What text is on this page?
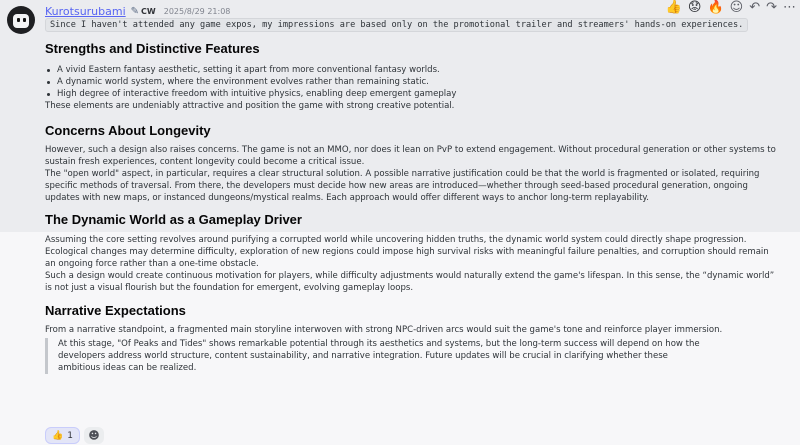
Kurotsurubami ✎ CW 2025/8/29 21:08	👍 😟 🔥 ☺ ↶ ↷ ⋯
Since I haven't attended any game expos, my impressions are based only on the promotional trailer and streamers' hands-on experiences.
Strengths and Distinctive Features
A vivid Eastern fantasy aesthetic, setting it apart from more conventional fantasy worlds.
A dynamic world system, where the environment evolves rather than remaining static.
High degree of interactive freedom with intuitive physics, enabling deep emergent gameplay

These elements are undeniably attractive and position the game with strong creative potential.

Concerns About Longevity

However, such a design also raises concerns. The game is not an MMO, nor does it lean on PvP to extend engagement. Without procedural generation or other systems to

sustain fresh experiences, content longevity could become a critical issue.

The "open world" aspect, in particular, requires a clear structural solution. A possible narrative justification could be that the world is fragmented or isolated, requiring

specific methods of traversal. From there, the developers must decide how new areas are introduced—whether through seed-based procedural generation, ongoing

updates with new maps, or instanced dungeons/mystical realms. Each approach would offer different ways to anchor long-term replayability.

The Dynamic World as a Gameplay Driver

Assuming the core setting revolves around purifying a corrupted world while uncovering hidden truths, the dynamic world system could directly shape progression.

Ecological changes may determine difficulty, exploration of new regions could impose high survival risks with meaningful failure penalties, and corruption should remain

an ongoing force rather than a one-time obstacle.

Such a design would create continuous motivation for players, while difficulty adjustments would naturally extend the game's lifespan. In this sense, the “dynamic world”

is not just a visual flourish but the foundation for emergent, evolving gameplay loops.

Narrative Expectations

From a narrative standpoint, a fragmented main storyline interwoven with strong NPC-driven arcs would suit the game's tone and reinforce player immersion.

At this stage, "Of Peaks and Tides" shows remarkable potential through its aesthetics and systems, but the long-term success will depend on how the

developers address world structure, content sustainability, and narrative integration. Future updates will be crucial in clarifying whether these

ambitious ideas can be realized.

👍 1 ☻
